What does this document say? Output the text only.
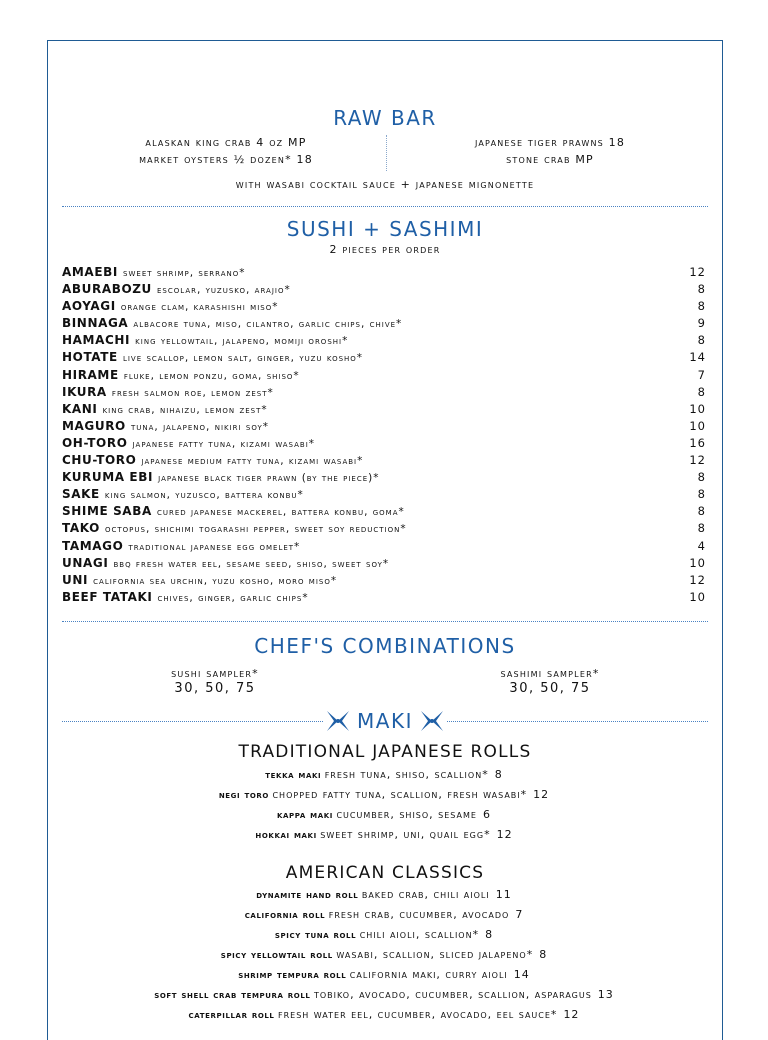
RAW BAR
alaskan king crab 4 oz MP
market oysters ½ dozen* 18
japanese tiger prawns 18
stone crab MP
with wasabi cocktail sauce + japanese mignonette
SUSHI + SASHIMI
2 pieces per order
AMAEBI sweet shrimp, serrano*	12
ABURABOZU escolar, yuzusko, arajio*	8
AOYAGI orange clam, karashishi miso*	8
BINNAGA albacore tuna, miso, cilantro, garlic chips, chive*	9
HAMACHI king yellowtail, jalapeno, momiji oroshi*	8
HOTATE live scallop, lemon salt, ginger, yuzu kosho*	14
HIRAME fluke, lemon ponzu, goma, shiso*	7
IKURA fresh salmon roe, lemon zest*	8
KANI king crab, nihaizu, lemon zest*	10
MAGURO tuna, jalapeno, nikiri soy*	10
OH-TORO japanese fatty tuna, kizami wasabi*	16
CHU-TORO japanese medium fatty tuna, kizami wasabi*	12
KURUMA EBI japanese black tiger prawn (by the piece)*	8
SAKE king salmon, yuzusco, battera konbu*	8
SHIME SABA cured japanese mackerel, battera konbu, goma*	8
TAKO octopus, shichimi togarashi pepper, sweet soy reduction*	8
TAMAGO traditional japanese egg omelet*	4
UNAGI bbq fresh water eel, sesame seed, shiso, sweet soy*	10
UNI california sea urchin, yuzu kosho, moro miso*	12
BEEF TATAKI chives, ginger, garlic chips*	10
CHEF'S COMBINATIONS
sushi sampler*
30, 50, 75
sashimi sampler*
30, 50, 75
MAKI
TRADITIONAL JAPANESE ROLLS
tekka maki fresh tuna, shiso, scallion* 8
negi toro chopped fatty tuna, scallion, fresh wasabi* 12
kappa maki cucumber, shiso, sesame 6
hokkai maki sweet shrimp, uni, quail egg* 12
AMERICAN CLASSICS
dynamite hand roll baked crab, chili aioli 11
california roll fresh crab, cucumber, avocado 7
spicy tuna roll chili aioli, scallion* 8
spicy yellowtail roll wasabi, scallion, sliced jalapeno* 8
shrimp tempura roll california maki, curry aioli 14
soft shell crab tempura roll tobiko, avocado, cucumber, scallion, asparagus 13
caterpillar roll fresh water eel, cucumber, avocado, eel sauce* 12
